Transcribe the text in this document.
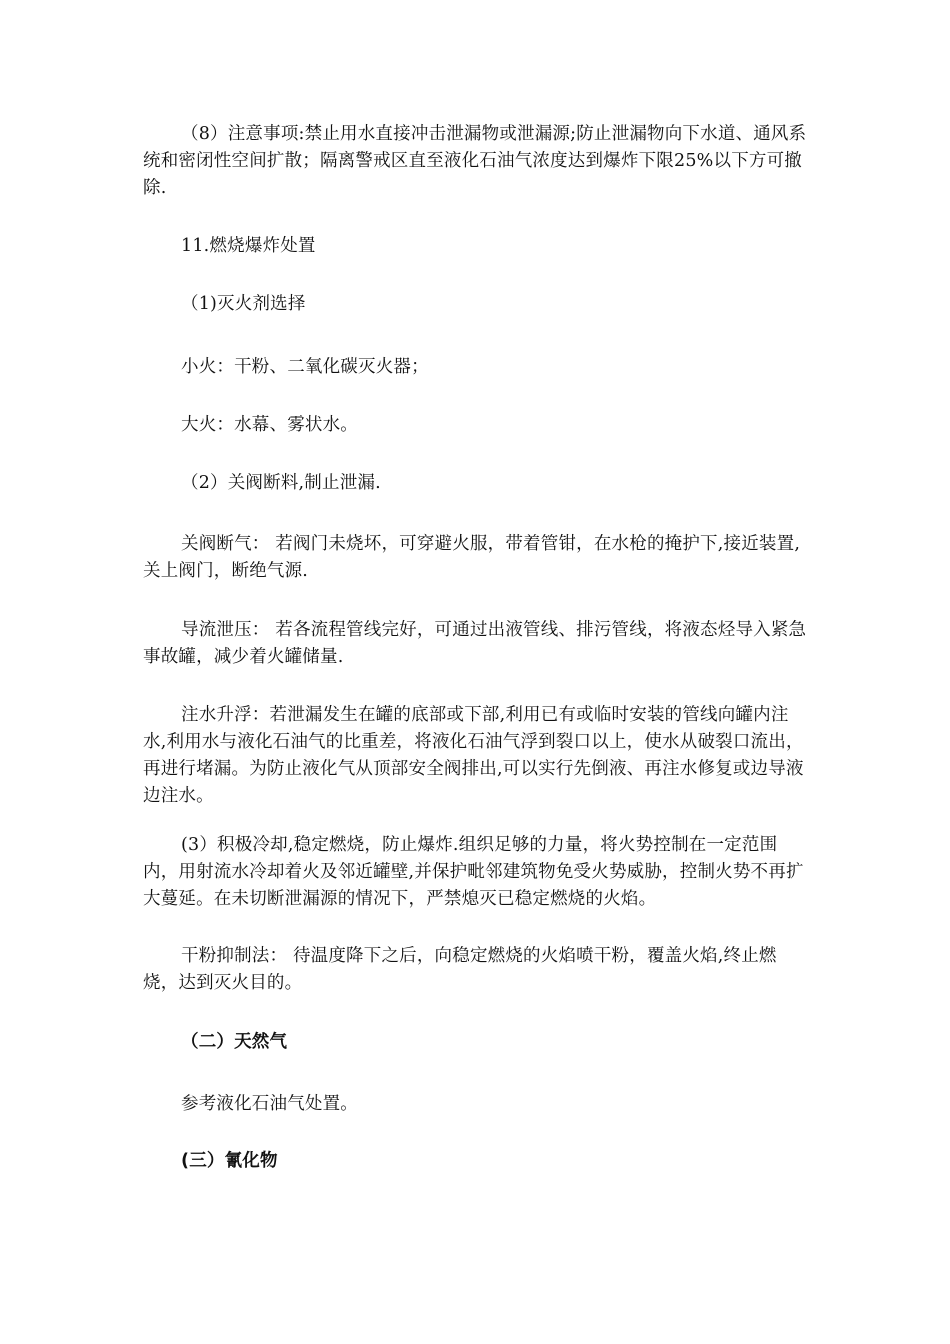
（8）注意事项:禁止用水直接冲击泄漏物或泄漏源;防止泄漏物向下水道、通风系统和密闭性空间扩散；隔离警戒区直至液化石油气浓度达到爆炸下限25%以下方可撤除.

11.燃烧爆炸处置

（1)灭火剂选择

小火：干粉、二氧化碳灭火器；

大火：水幕、雾状水。

（2）关阀断料,制止泄漏.

关阀断气： 若阀门未烧坏，可穿避火服，带着管钳，在水枪的掩护下,接近装置,关上阀门，断绝气源.

导流泄压： 若各流程管线完好，可通过出液管线、排污管线，将液态烃导入紧急事故罐，减少着火罐储量.

注水升浮：若泄漏发生在罐的底部或下部,利用已有或临时安装的管线向罐内注水,利用水与液化石油气的比重差，将液化石油气浮到裂口以上，使水从破裂口流出，再进行堵漏。为防止液化气从顶部安全阀排出,可以实行先倒液、再注水修复或边导液边注水。

(3）积极冷却,稳定燃烧，防止爆炸.组织足够的力量，将火势控制在一定范围内，用射流水冷却着火及邻近罐壁,并保护毗邻建筑物免受火势威胁，控制火势不再扩大蔓延。在未切断泄漏源的情况下，严禁熄灭已稳定燃烧的火焰。

干粉抑制法： 待温度降下之后，向稳定燃烧的火焰喷干粉，覆盖火焰,终止燃烧，达到灭火目的。

（二）天然气

参考液化石油气处置。

(三）氰化物
